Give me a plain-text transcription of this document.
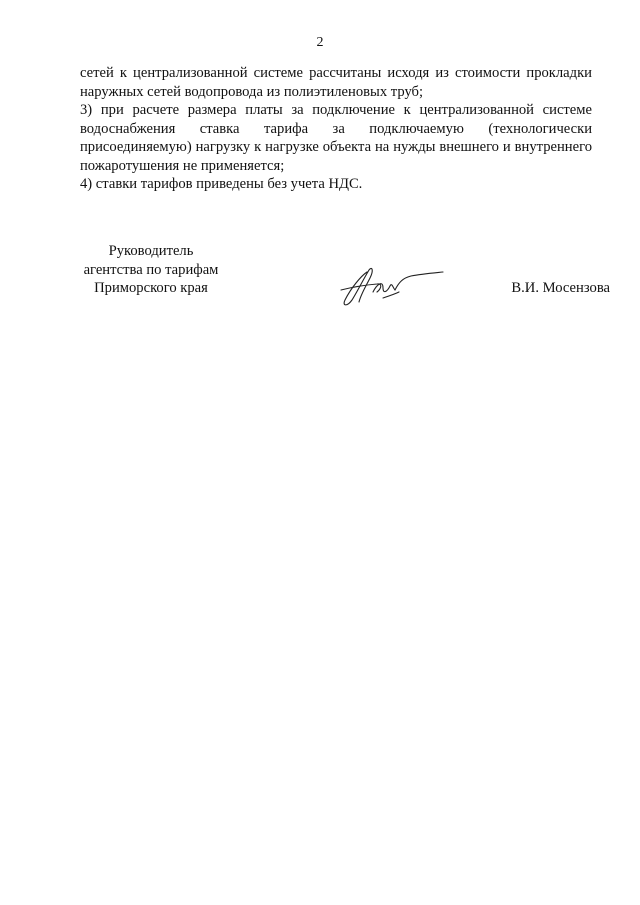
2

сетей к централизованной системе рассчитаны исходя из стоимости прокладки наружных сетей водопровода из полиэтиленовых труб;

3) при расчете размера платы за подключение к централизованной системе водоснабжения ставка тарифа за подключаемую (технологически присоединяемую) нагрузку к нагрузке объекта на нужды внешнего и внутреннего пожаротушения не применяется;

4) ставки тарифов приведены без учета НДС.

Руководитель
агентства по тарифам
Приморского края	В.И. Мосензова
